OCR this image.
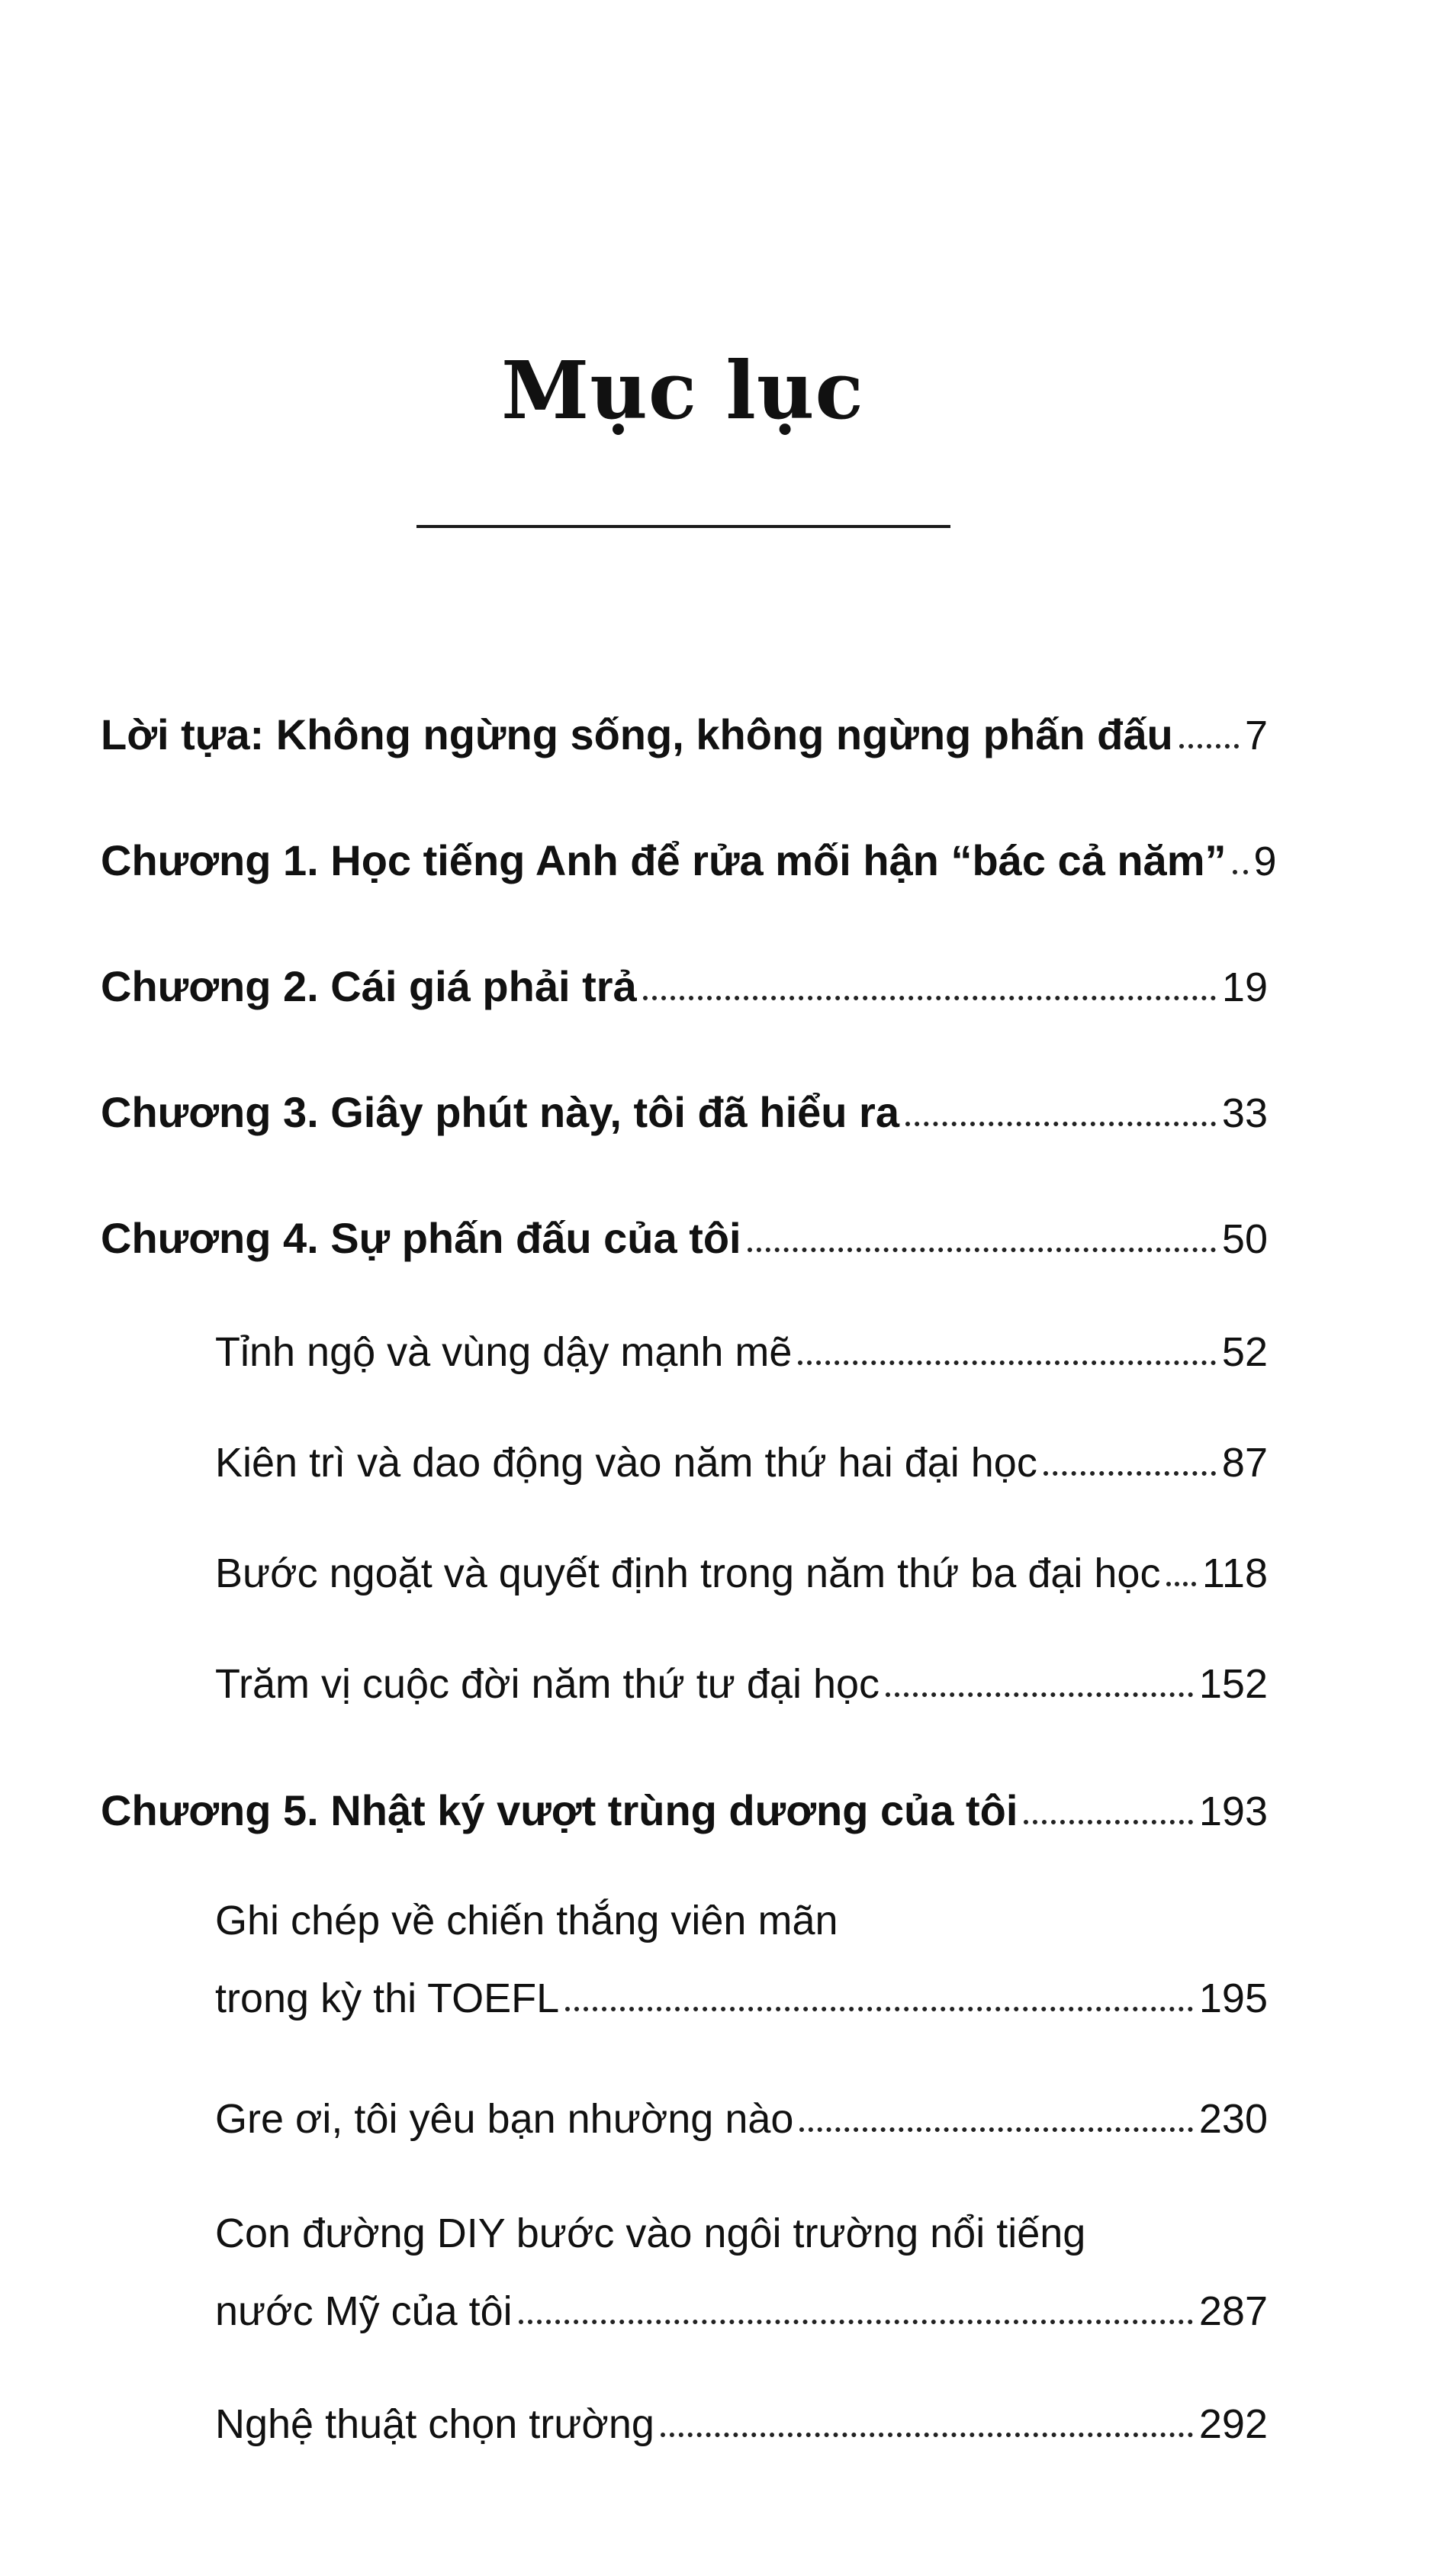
Mục lục
Lời tựa: Không ngừng sống, không ngừng phấn đấu 7
Chương 1. Học tiếng Anh để rửa mối hận “bác cả năm” 9
Chương 2. Cái giá phải trả	19
Chương 3. Giây phút này, tôi đã hiểu ra	33
Chương 4. Sự phấn đấu của tôi	50
Tỉnh ngộ và vùng dậy mạnh mẽ	52
Kiên trì và dao động vào năm thứ hai đại học	87
Bước ngoặt và quyết định trong năm thứ ba đại học 118
Trăm vị cuộc đời năm thứ tư đại học	152
Chương 5. Nhật ký vượt trùng dương của tôi	193
Ghi chép về chiến thắng viên mãn
trong kỳ thi TOEFL	195
Gre ơi, tôi yêu bạn nhường nào	230
Con đường DIY bước vào ngôi trường nổi tiếng
nước Mỹ của tôi	287
Nghệ thuật chọn trường	292
